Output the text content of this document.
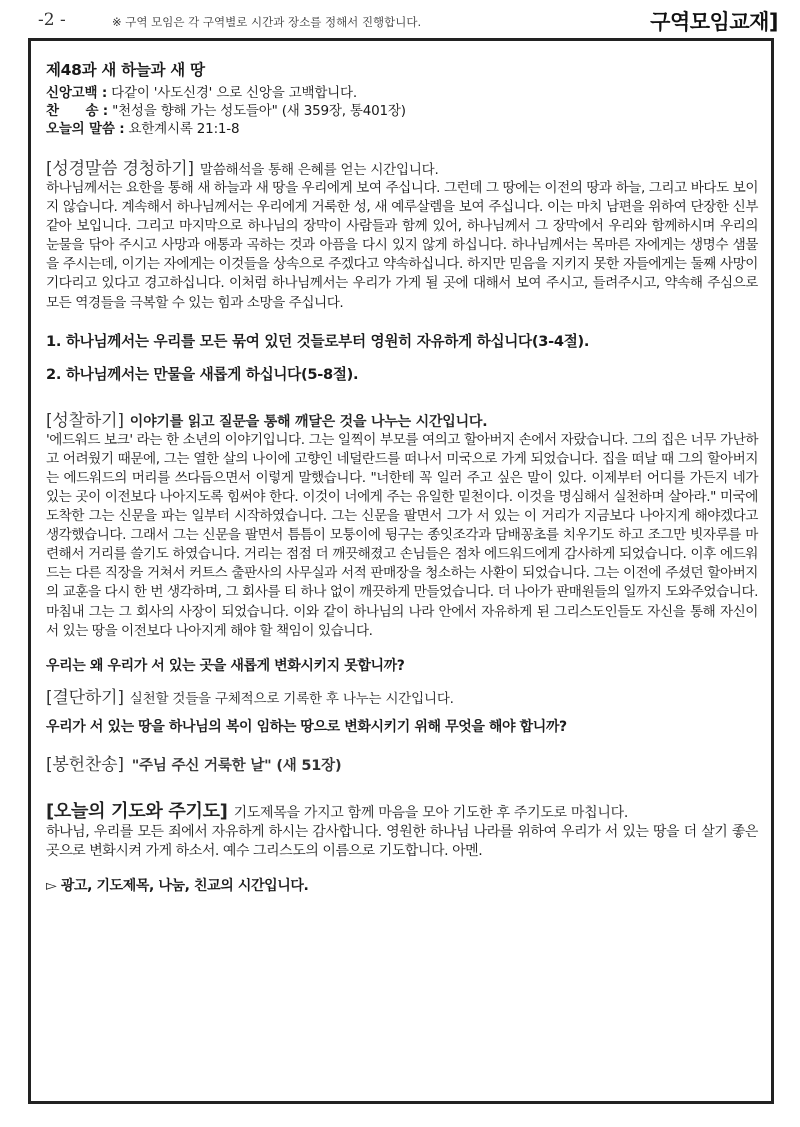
-2 -	※ 구역 모임은 각 구역별로 시간과 장소를 정해서 진행합니다.	구역모임교재]
제48과 새 하늘과 새 땅
신앙고백 : 다같이 '사도신경' 으로 신앙을 고백합니다.
찬　　송 : "천성을 향해 가는 성도들아" (새 359장, 통401장)
오늘의 말씀 : 요한계시록 21:1-8
[성경말씀 경청하기] 말씀해석을 통해 은혜를 얻는 시간입니다.

하나님께서는 요한을 통해 새 하늘과 새 땅을 우리에게 보여 주십니다. 그런데 그 땅에는 이전의 땅과 하늘, 그리고 바다도 보이지 않습니다. 계속해서 하나님께서는 우리에게 거룩한 성, 새 예루살렘을 보여 주십니다. 이는 마치 남편을 위하여 단장한 신부 같아 보입니다. 그리고 마지막으로 하나님의 장막이 사람들과 함께 있어, 하나님께서 그 장막에서 우리와 함께하시며 우리의 눈물을 닦아 주시고 사망과 애통과 곡하는 것과 아픔을 다시 있지 않게 하십니다. 하나님께서는 목마른 자에게는 생명수 샘물을 주시는데, 이기는 자에게는 이것들을 상속으로 주겠다고 약속하십니다. 하지만 믿음을 지키지 못한 자들에게는 둘째 사망이 기다리고 있다고 경고하십니다. 이처럼 하나님께서는 우리가 가게 될 곳에 대해서 보여 주시고, 들려주시고, 약속해 주심으로 모든 역경들을 극복할 수 있는 힘과 소망을 주십니다.

1. 하나님께서는 우리를 모든 묶여 있던 것들로부터 영원히 자유하게 하십니다(3-4절).

2. 하나님께서는 만물을 새롭게 하십니다(5-8절).

[성찰하기] 이야기를 읽고 질문을 통해 깨달은 것을 나누는 시간입니다.

'에드워드 보크' 라는 한 소년의 이야기입니다. 그는 일찍이 부모를 여의고 할아버지 손에서 자랐습니다. 그의 집은 너무 가난하고 어려웠기 때문에, 그는 열한 살의 나이에 고향인 네덜란드를 떠나서 미국으로 가게 되었습니다. 집을 떠날 때 그의 할아버지는 에드워드의 머리를 쓰다듬으면서 이렇게 말했습니다. "너한테 꼭 일러 주고 싶은 말이 있다. 이제부터 어디를 가든지 네가 있는 곳이 이전보다 나아지도록 힘써야 한다. 이것이 너에게 주는 유일한 밑천이다. 이것을 명심해서 실천하며 살아라." 미국에 도착한 그는 신문을 파는 일부터 시작하였습니다. 그는 신문을 팔면서 그가 서 있는 이 거리가 지금보다 나아지게 해야겠다고 생각했습니다. 그래서 그는 신문을 팔면서 틈틈이 모퉁이에 뒹구는 종잇조각과 담배꽁초를 치우기도 하고 조그만 빗자루를 마련해서 거리를 쓸기도 하였습니다. 거리는 점점 더 깨끗해졌고 손님들은 점차 에드워드에게 감사하게 되었습니다. 이후 에드워드는 다른 직장을 거쳐서 커트스 출판사의 사무실과 서적 판매장을 청소하는 사환이 되었습니다. 그는 이전에 주셨던 할아버지의 교훈을 다시 한 번 생각하며, 그 회사를 티 하나 없이 깨끗하게 만들었습니다. 더 나아가 판매원들의 일까지 도와주었습니다. 마침내 그는 그 회사의 사장이 되었습니다. 이와 같이 하나님의 나라 안에서 자유하게 된 그리스도인들도 자신을 통해 자신이 서 있는 땅을 이전보다 나아지게 해야 할 책임이 있습니다.

우리는 왜 우리가 서 있는 곳을 새롭게 변화시키지 못합니까?

[결단하기] 실천할 것들을 구체적으로 기록한 후 나누는 시간입니다.

우리가 서 있는 땅을 하나님의 복이 임하는 땅으로 변화시키기 위해 무엇을 해야 합니까?

[봉헌찬송] "주님 주신 거룩한 날" (새 51장)
[오늘의 기도와 주기도] 기도제목을 가지고 함께 마음을 모아 기도한 후 주기도로 마칩니다.

하나님, 우리를 모든 죄에서 자유하게 하시는 감사합니다. 영원한 하나님 나라를 위하여 우리가 서 있는 땅을 더 살기 좋은 곳으로 변화시켜 가게 하소서. 예수 그리스도의 이름으로 기도합니다. 아멘.

▻ 광고, 기도제목, 나눔, 친교의 시간입니다.
